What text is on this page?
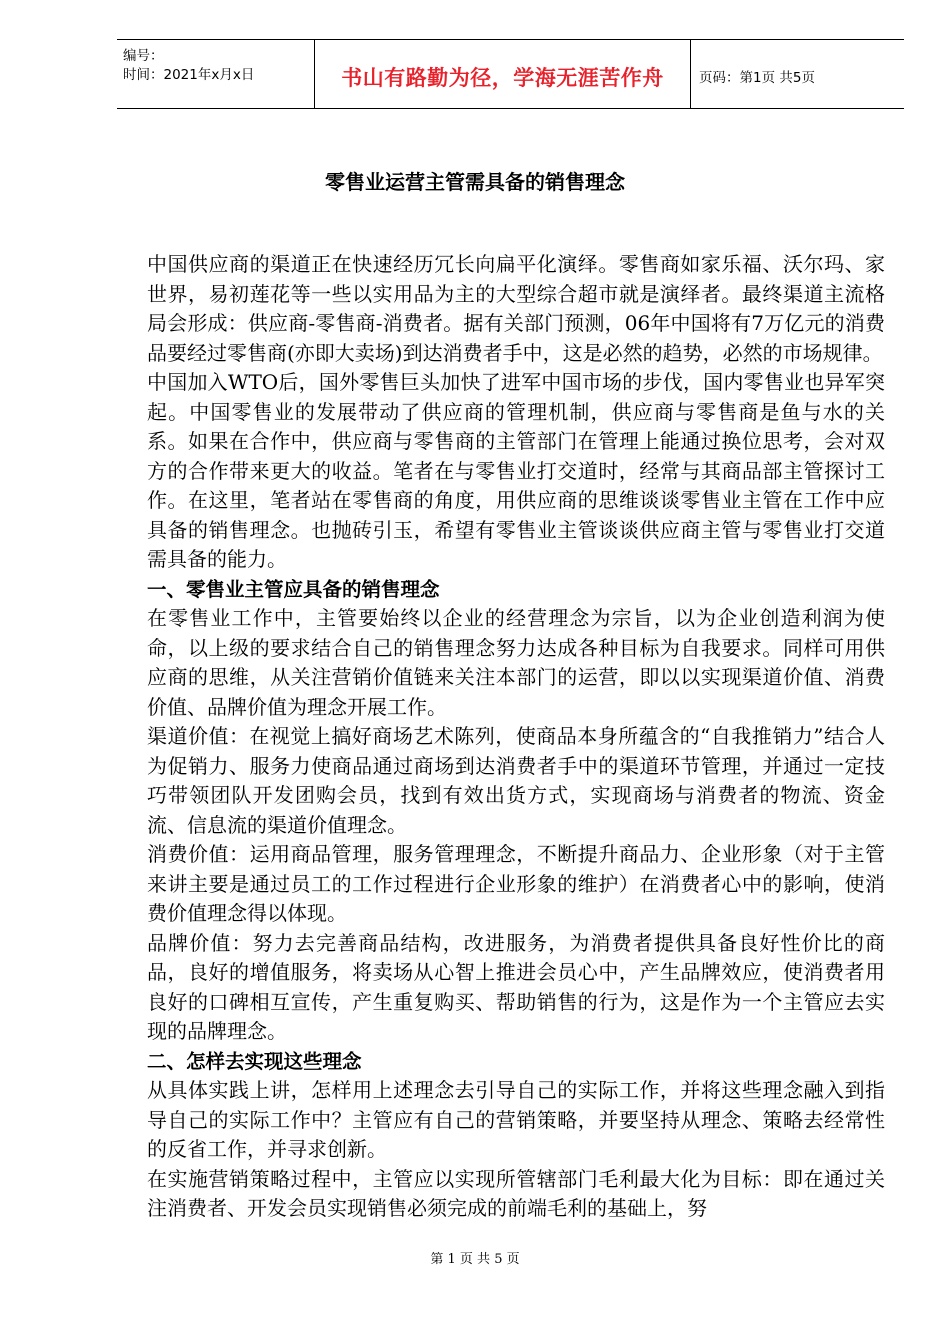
编号：
时间：2021年x月x日	书山有路勤为径，学海无涯苦作舟	页码：第1页 共5页
零售业运营主管需具备的销售理念

中国供应商的渠道正在快速经历冗长向扁平化演绎。零售商如家乐福、沃尔玛、家世界，易初莲花等一些以实用品为主的大型综合超市就是演绎者。最终渠道主流格局会形成：供应商-零售商-消费者。据有关部门预测，06年中国将有7万亿元的消费品要经过零售商(亦即大卖场)到达消费者手中，这是必然的趋势，必然的市场规律。

中国加入WTO后，国外零售巨头加快了进军中国市场的步伐，国内零售业也异军突起。中国零售业的发展带动了供应商的管理机制，供应商与零售商是鱼与水的关系。如果在合作中，供应商与零售商的主管部门在管理上能通过换位思考，会对双方的合作带来更大的收益。笔者在与零售业打交道时，经常与其商品部主管探讨工作。在这里，笔者站在零售商的角度，用供应商的思维谈谈零售业主管在工作中应具备的销售理念。也抛砖引玉，希望有零售业主管谈谈供应商主管与零售业打交道需具备的能力。

一、零售业主管应具备的销售理念

在零售业工作中，主管要始终以企业的经营理念为宗旨，以为企业创造利润为使命，以上级的要求结合自己的销售理念努力达成各种目标为自我要求。同样可用供应商的思维，从关注营销价值链来关注本部门的运营，即以以实现渠道价值、消费价值、品牌价值为理念开展工作。

渠道价值：在视觉上搞好商场艺术陈列，使商品本身所蕴含的“自我推销力”结合人为促销力、服务力使商品通过商场到达消费者手中的渠道环节管理，并通过一定技巧带领团队开发团购会员，找到有效出货方式，实现商场与消费者的物流、资金流、信息流的渠道价值理念。

消费价值：运用商品管理，服务管理理念，不断提升商品力、企业形象（对于主管来讲主要是通过员工的工作过程进行企业形象的维护）在消费者心中的影响，使消费价值理念得以体现。

品牌价值：努力去完善商品结构，改进服务，为消费者提供具备良好性价比的商品，良好的增值服务，将卖场从心智上推进会员心中，产生品牌效应，使消费者用良好的口碑相互宣传，产生重复购买、帮助销售的行为，这是作为一个主管应去实现的品牌理念。

二、怎样去实现这些理念

从具体实践上讲，怎样用上述理念去引导自己的实际工作，并将这些理念融入到指导自己的实际工作中？主管应有自己的营销策略，并要坚持从理念、策略去经常性的反省工作，并寻求创新。

在实施营销策略过程中，主管应以实现所管辖部门毛利最大化为目标：即在通过关注消费者、开发会员实现销售必须完成的前端毛利的基础上，努

第 1 页 共 5 页
